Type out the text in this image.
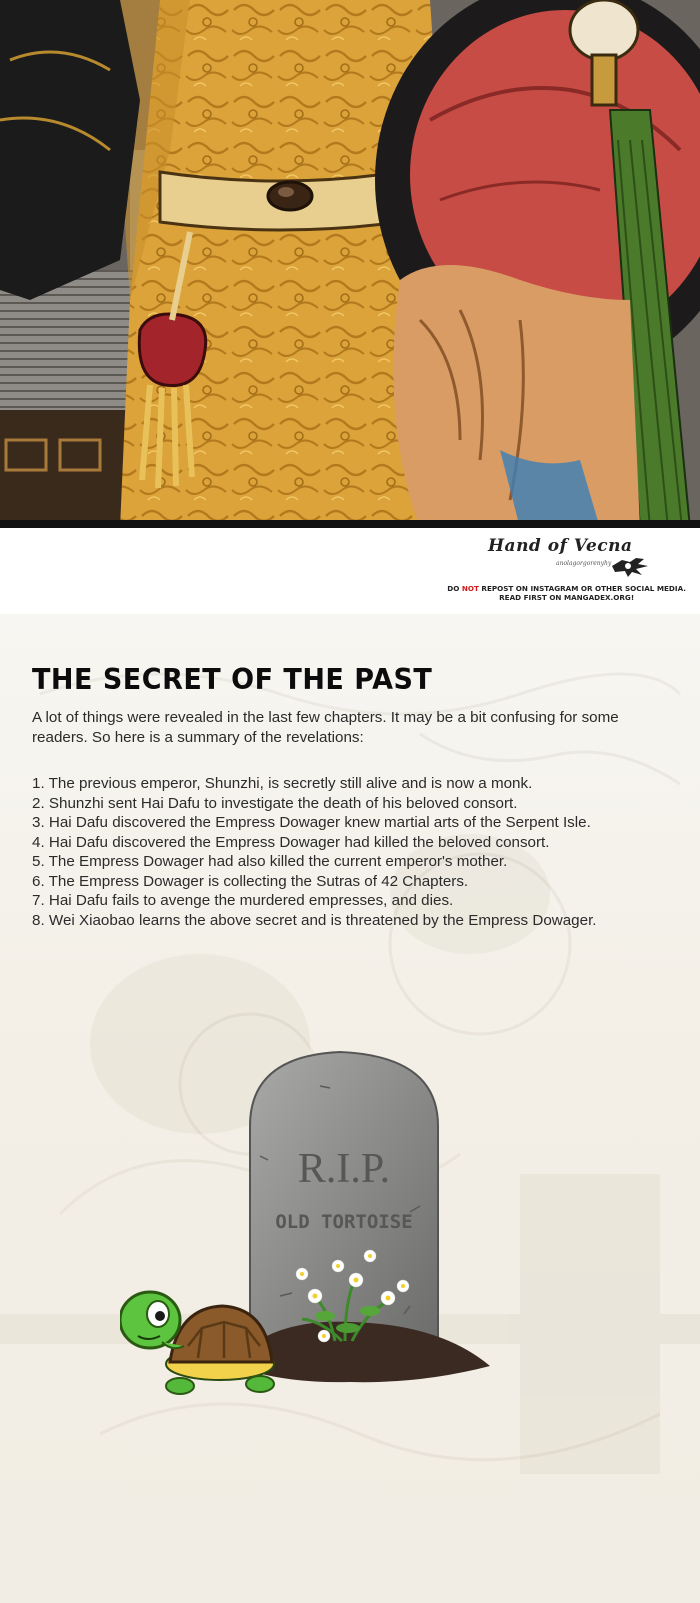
Hand of Vecna
anolagorgorenyhy
DO NOT REPOST ON INSTAGRAM OR OTHER SOCIAL MEDIA.
READ FIRST ON MANGADEX.ORG!
THE SECRET OF THE PAST

A lot of things were revealed in the last few chapters. It may be a bit confusing for some readers. So here is a summary of the revelations:

1. The previous emperor, Shunzhi, is secretly still alive and is now a monk.
2. Shunzhi sent Hai Dafu to investigate the death of his beloved consort.
3. Hai Dafu discovered the Empress Dowager knew martial arts of the Serpent Isle.
4. Hai Dafu discovered the Empress Dowager had killed the beloved consort.
5. The Empress Dowager had also killed the current emperor's mother.
6. The Empress Dowager is collecting the Sutras of 42 Chapters.
7. Hai Dafu fails to avenge the murdered empresses, and dies.
8. Wei Xiaobao learns the above secret and is threatened by the Empress Dowager.
R.I.P.
OLD TORTOISE
